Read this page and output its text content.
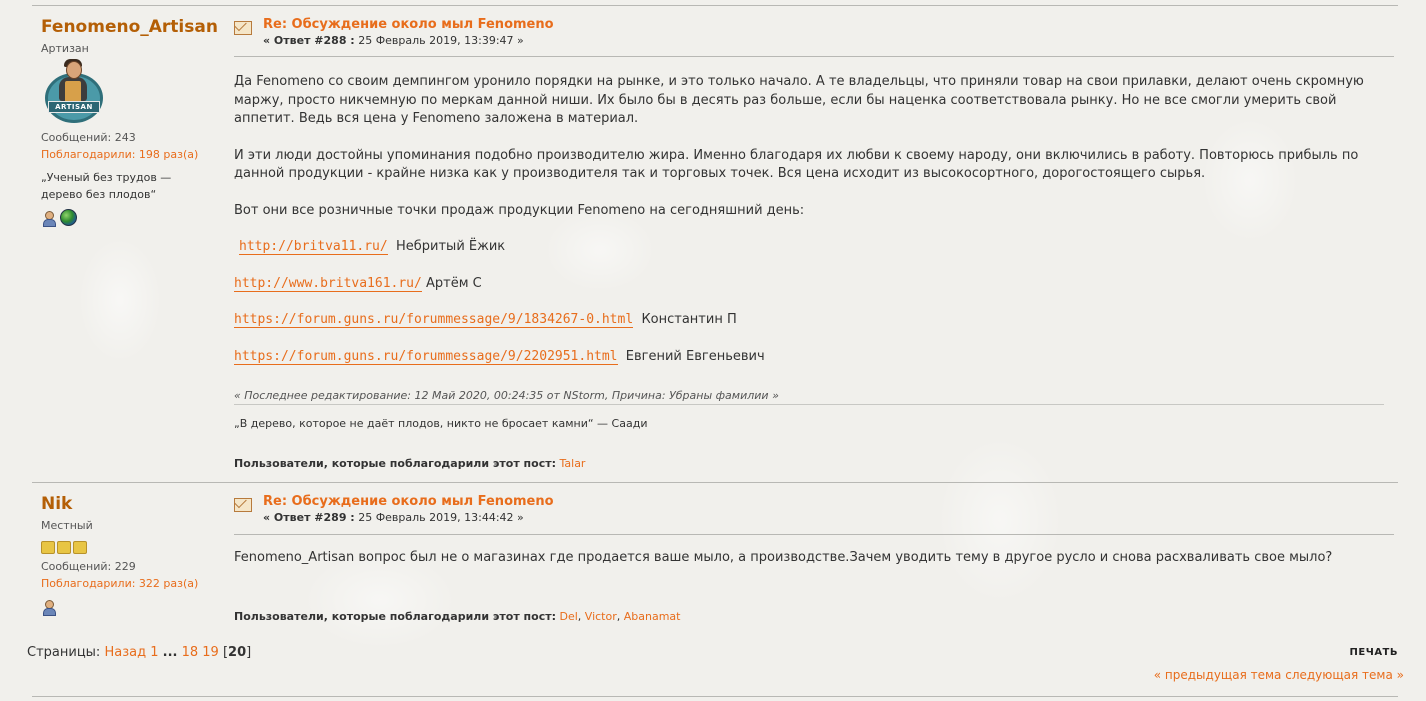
Fenomeno_Artisan
Артизан
ARTISAN
Сообщений: 243
Поблагодарили: 198 раз(а)
„Ученый без трудов —
дерево без плодов“
Re: Обсуждение около мыл Fenomeno
« Ответ #288 : 25 Февраль 2019, 13:39:47 »

Да Fenomeno со своим демпингом уронило порядки на рынке, и это только начало. А те владельцы, что приняли товар на свои прилавки, делают очень скромную маржу, просто никчемную по меркам данной ниши. Их было бы в десять раз больше, если бы наценка соответствовала рынку. Но не все смогли умерить свой аппетит. Ведь вся цена у Fenomeno заложена в материал.

И эти люди достойны упоминания подобно производителю жира. Именно благодаря их любви к своему народу, они включились в работу. Повторюсь прибыль по данной продукции - крайне низка как у производителя так и торговых точек. Вся цена исходит из высокосортного, дорогостоящего сырья.

Вот они все розничные точки продаж продукции Fenomeno на сегодняшний день:

http://britva11.ru/ Небритый Ёжик

http://www.britva161.ru/ Артём С

https://forum.guns.ru/forummessage/9/1834267-0.html Константин П

https://forum.guns.ru/forummessage/9/2202951.html Евгений Евгеньевич

« Последнее редактирование: 12 Май 2020, 00:24:35 от NStorm, Причина: Убраны фамилии »
„В дерево, которое не даёт плодов, никто не бросает камни“ — Саади
Пользователи, которые поблагодарили этот пост: Talar
Nik
Местный
Сообщений: 229
Поблагодарили: 322 раз(а)
Re: Обсуждение около мыл Fenomeno
« Ответ #289 : 25 Февраль 2019, 13:44:42 »

Fenomeno_Artisan вопрос был не о магазинах где продается ваше мыло, а производстве.Зачем уводить тему в другое русло и снова расхваливать свое мыло?

Пользователи, которые поблагодарили этот пост: Del, Victor, Abanamat
Страницы: Назад 1 ... 18 19 [20]	ПЕЧАТЬ
« предыдущая тема следующая тема »
